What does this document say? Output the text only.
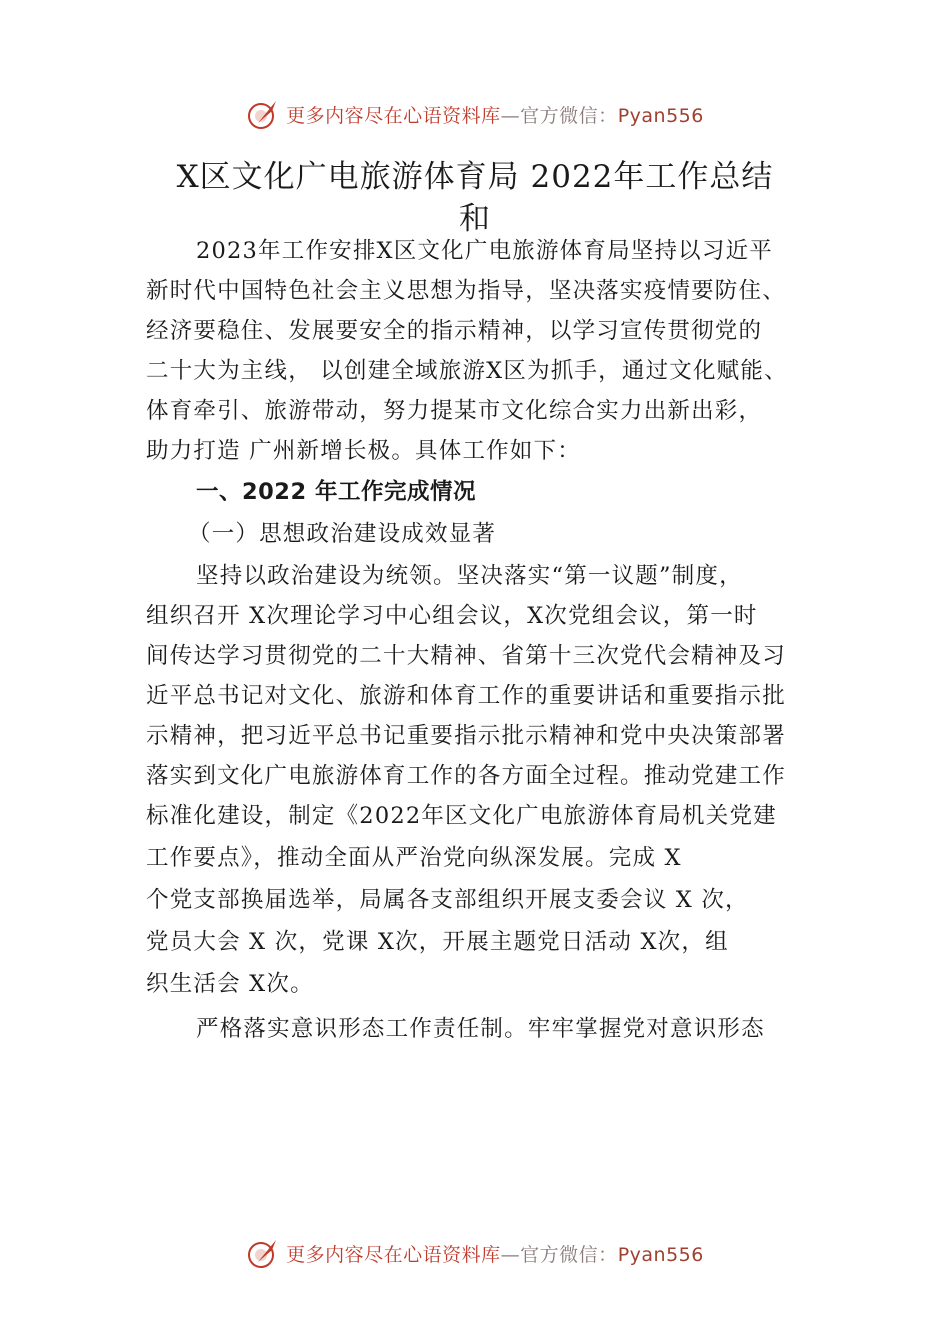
更多内容尽在心语资料库—官方微信：Pyan556
X区文化广电旅游体育局 2022年工作总结
和
2023年工作安排X区文化广电旅游体育局坚持以习近平
新时代中国特色社会主义思想为指导，坚决落实疫情要防住、
经济要稳住、发展要安全的指示精神，以学习宣传贯彻党的
二十大为主线， 以创建全域旅游X区为抓手，通过文化赋能、
体育牵引、旅游带动，努力提某市文化综合实力出新出彩，
助力打造 广州新增长极。具体工作如下：
一、2022 年工作完成情况
（一）思想政治建设成效显著
坚持以政治建设为统领。坚决落实“第一议题”制度，
组织召开 X次理论学习中心组会议，X次党组会议，第一时
间传达学习贯彻党的二十大精神、省第十三次党代会精神及习
近平总书记对文化、旅游和体育工作的重要讲话和重要指示批
示精神，把习近平总书记重要指示批示精神和党中央决策部署
落实到文化广电旅游体育工作的各方面全过程。推动党建工作
标准化建设，制定《2022年区文化广电旅游体育局机关党建
工作要点》，推动全面从严治党向纵深发展。完成 X
个党支部换届选举，局属各支部组织开展支委会议 X 次，
党员大会 X 次，党课 X次，开展主题党日活动 X次，组
织生活会 X次。
严格落实意识形态工作责任制。牢牢掌握党对意识形态
更多内容尽在心语资料库—官方微信：Pyan556
